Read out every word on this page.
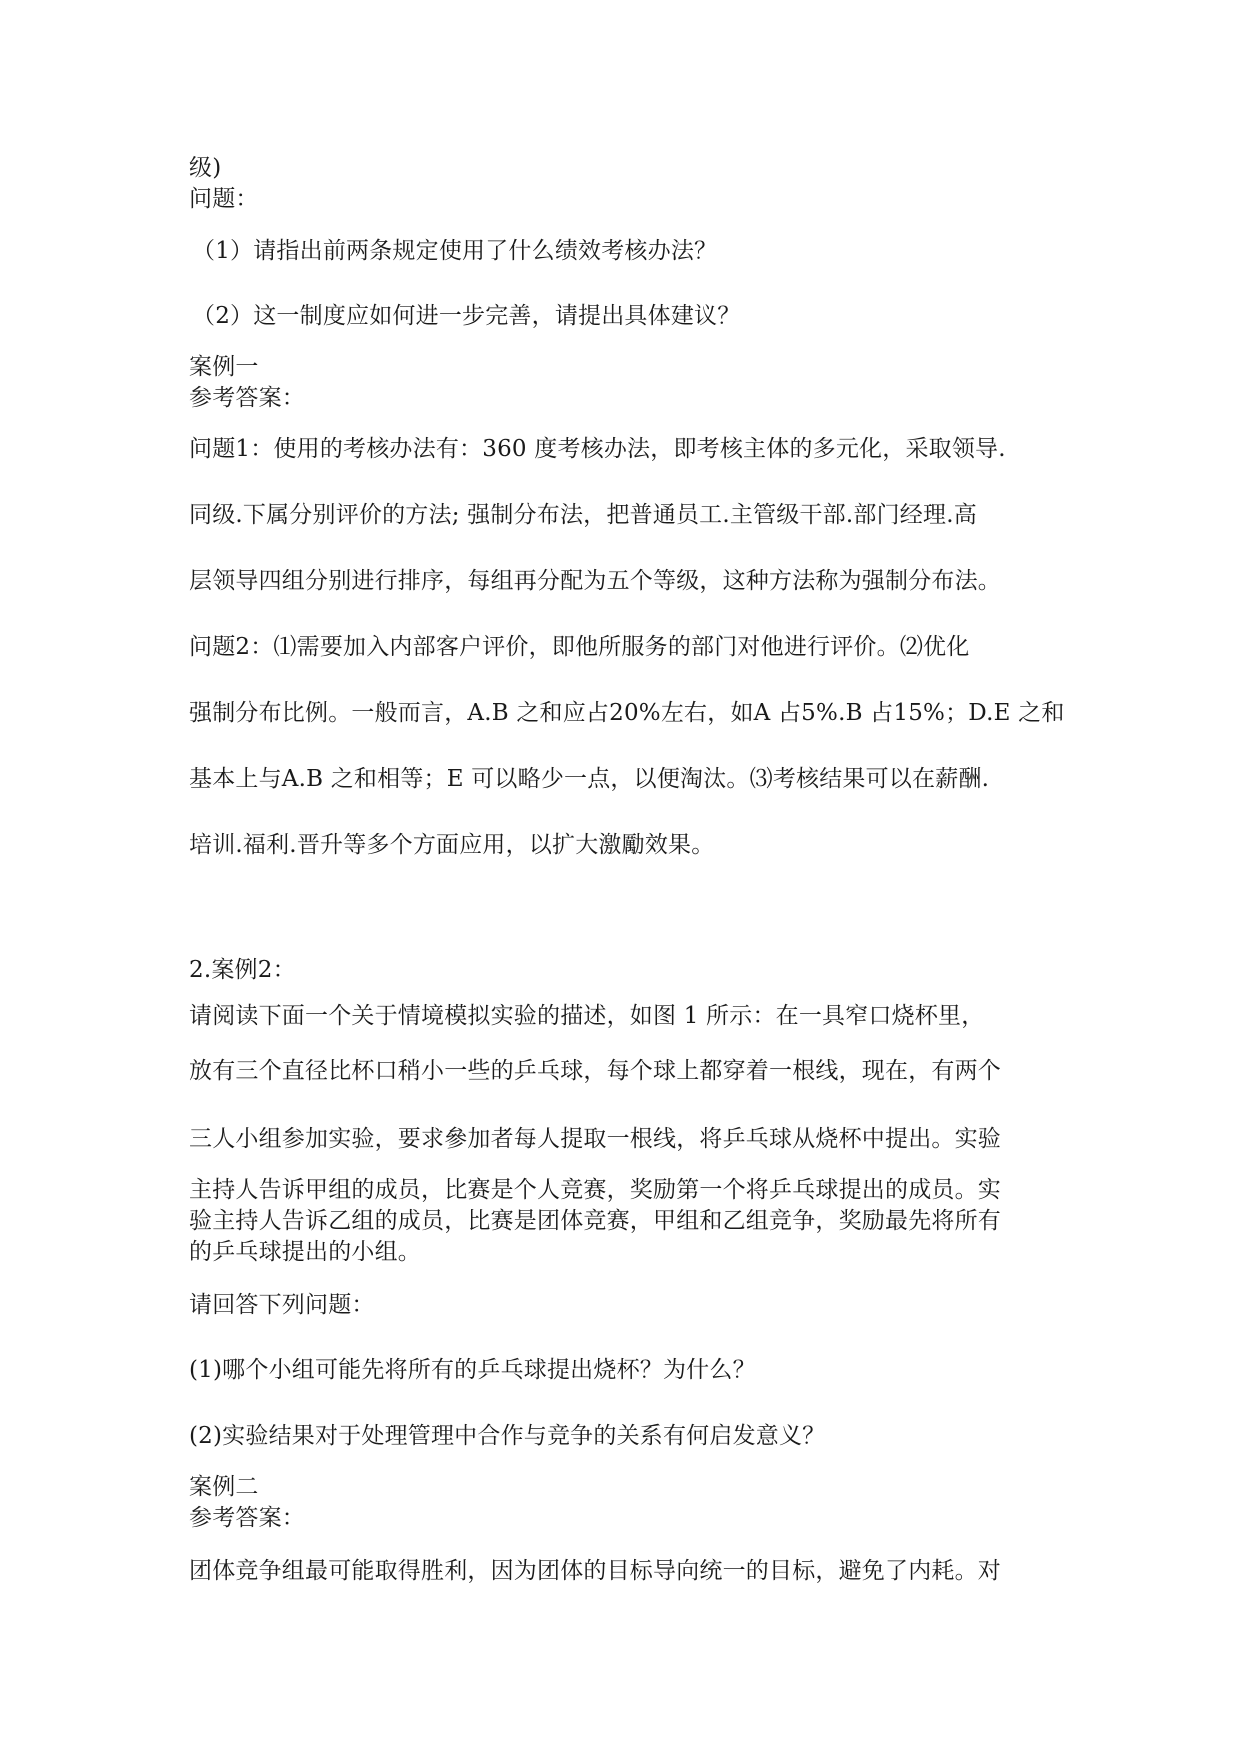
级)
问题：
（1）请指出前两条规定使用了什么绩效考核办法？
（2）这一制度应如何进一步完善，请提出具体建议？
案例一
参考答案：
问题1：使用的考核办法有：360 度考核办法，即考核主体的多元化，采取领导.
同级.下属分别评价的方法; 强制分布法，把普通员工.主管级干部.部门经理.高
层领导四组分别进行排序，每组再分配为五个等级，这种方法称为强制分布法。
问题2：⑴需要加入内部客户评价，即他所服务的部门对他进行评价。⑵优化
强制分布比例。一般而言，A.B 之和应占20%左右，如A 占5%.B 占15%；D.E 之和
基本上与A.B 之和相等；E 可以略少一点，以便淘汰。⑶考核结果可以在薪酬.
培训.福利.晋升等多个方面应用，以扩大激勵效果。
2.案例2：
请阅读下面一个关于情境模拟实验的描述，如图 1 所示：在一具窄口烧杯里，
放有三个直径比杯口稍小一些的乒乓球，每个球上都穿着一根线，现在，有两个
三人小组参加实验，要求參加者每人提取一根线，将乒乓球从烧杯中提出。实验
主持人告诉甲组的成员，比赛是个人竞赛，奖励第一个将乒乓球提出的成员。实
验主持人告诉乙组的成员，比赛是团体竞赛，甲组和乙组竞争，奖励最先将所有
的乒乓球提出的小组。
请回答下列问题：
(1)哪个小组可能先将所有的乒乓球提出烧杯？为什么？
(2)实验结果对于处理管理中合作与竞争的关系有何启发意义？
案例二
参考答案：
团体竞争组最可能取得胜利，因为团体的目标导向统一的目标，避免了内耗。对
